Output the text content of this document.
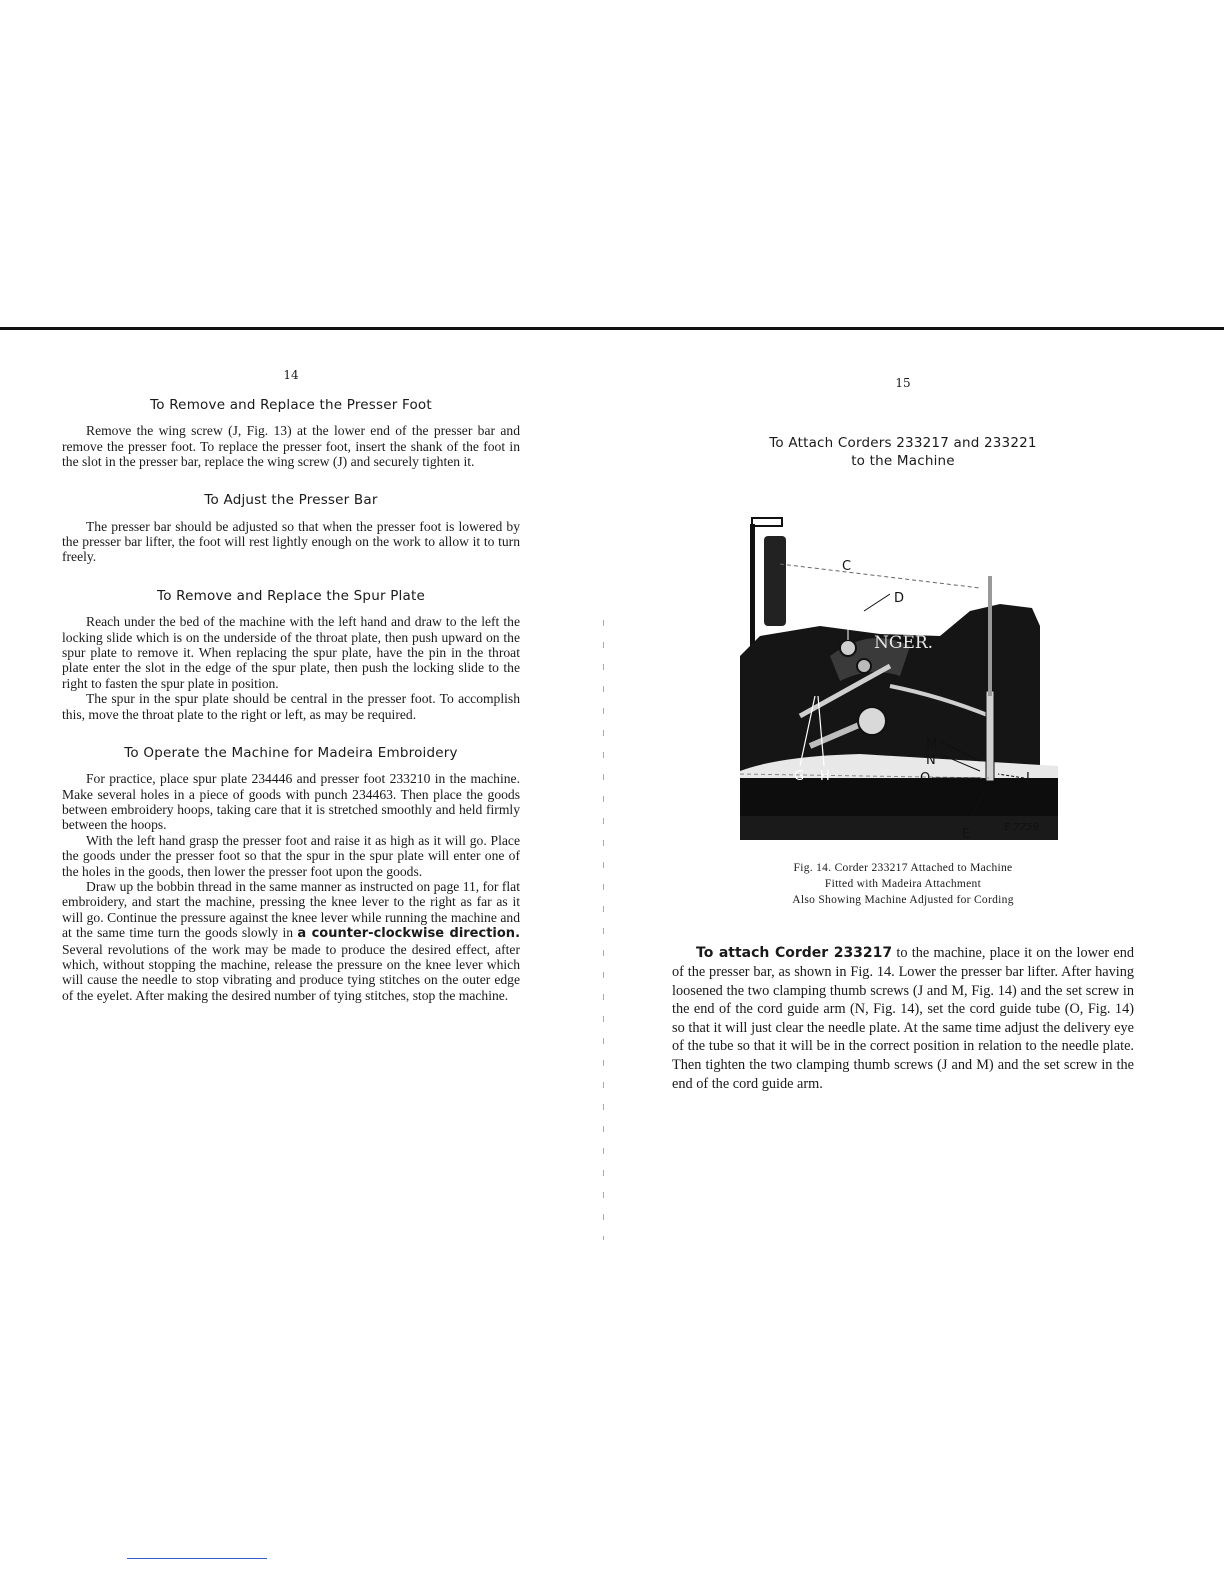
14
To Remove and Replace the Presser Foot

Remove the wing screw (J, Fig. 13) at the lower end of the presser bar and remove the presser foot. To replace the presser foot, insert the shank of the foot in the slot in the presser bar, replace the wing screw (J) and securely tighten it.

To Adjust the Presser Bar

The presser bar should be adjusted so that when the presser foot is lowered by the presser bar lifter, the foot will rest lightly enough on the work to allow it to turn freely.

To Remove and Replace the Spur Plate

Reach under the bed of the machine with the left hand and draw to the left the locking slide which is on the underside of the throat plate, then push upward on the spur plate to remove it. When replacing the spur plate, have the pin in the throat plate enter the slot in the edge of the spur plate, then push the locking slide to the right to fasten the spur plate in position.

The spur in the spur plate should be central in the presser foot. To accomplish this, move the throat plate to the right or left, as may be required.

To Operate the Machine for Madeira Embroidery

For practice, place spur plate 234446 and presser foot 233210 in the machine. Make several holes in a piece of goods with punch 234463. Then place the goods between embroidery hoops, taking care that it is stretched smoothly and held firmly between the hoops.

With the left hand grasp the presser foot and raise it as high as it will go. Place the goods under the presser foot so that the spur in the spur plate will enter one of the holes in the goods, then lower the presser foot upon the goods.

Draw up the bobbin thread in the same manner as instructed on page 11, for flat embroidery, and start the machine, pressing the knee lever to the right as far as it will go. Continue the pressure against the knee lever while running the machine and at the same time turn the goods slowly in a counter-clockwise direction. Several revolutions of the work may be made to produce the desired effect, after which, without stopping the machine, release the pressure on the knee lever which will cause the needle to stop vibrating and produce tying stitches on the outer edge of the eyelet. After making the desired number of tying stitches, stop the machine.

15
To Attach Corders 233217 and 233221
to the Machine
C
D
G H
M
N
O	J
E	E 7759
NGER.
Fig. 14. Corder 233217 Attached to Machine
Fitted with Madeira Attachment
Also Showing Machine Adjusted for Cording

To attach Corder 233217 to the machine, place it on the lower end of the presser bar, as shown in Fig. 14. Lower the presser bar lifter. After having loosened the two clamping thumb screws (J and M, Fig. 14) and the set screw in the end of the cord guide arm (N, Fig. 14), set the cord guide tube (O, Fig. 14) so that it will just clear the needle plate. At the same time adjust the delivery eye of the tube so that it will be in the correct position in relation to the needle plate. Then tighten the two clamping thumb screws (J and M) and the set screw in the end of the cord guide arm.
